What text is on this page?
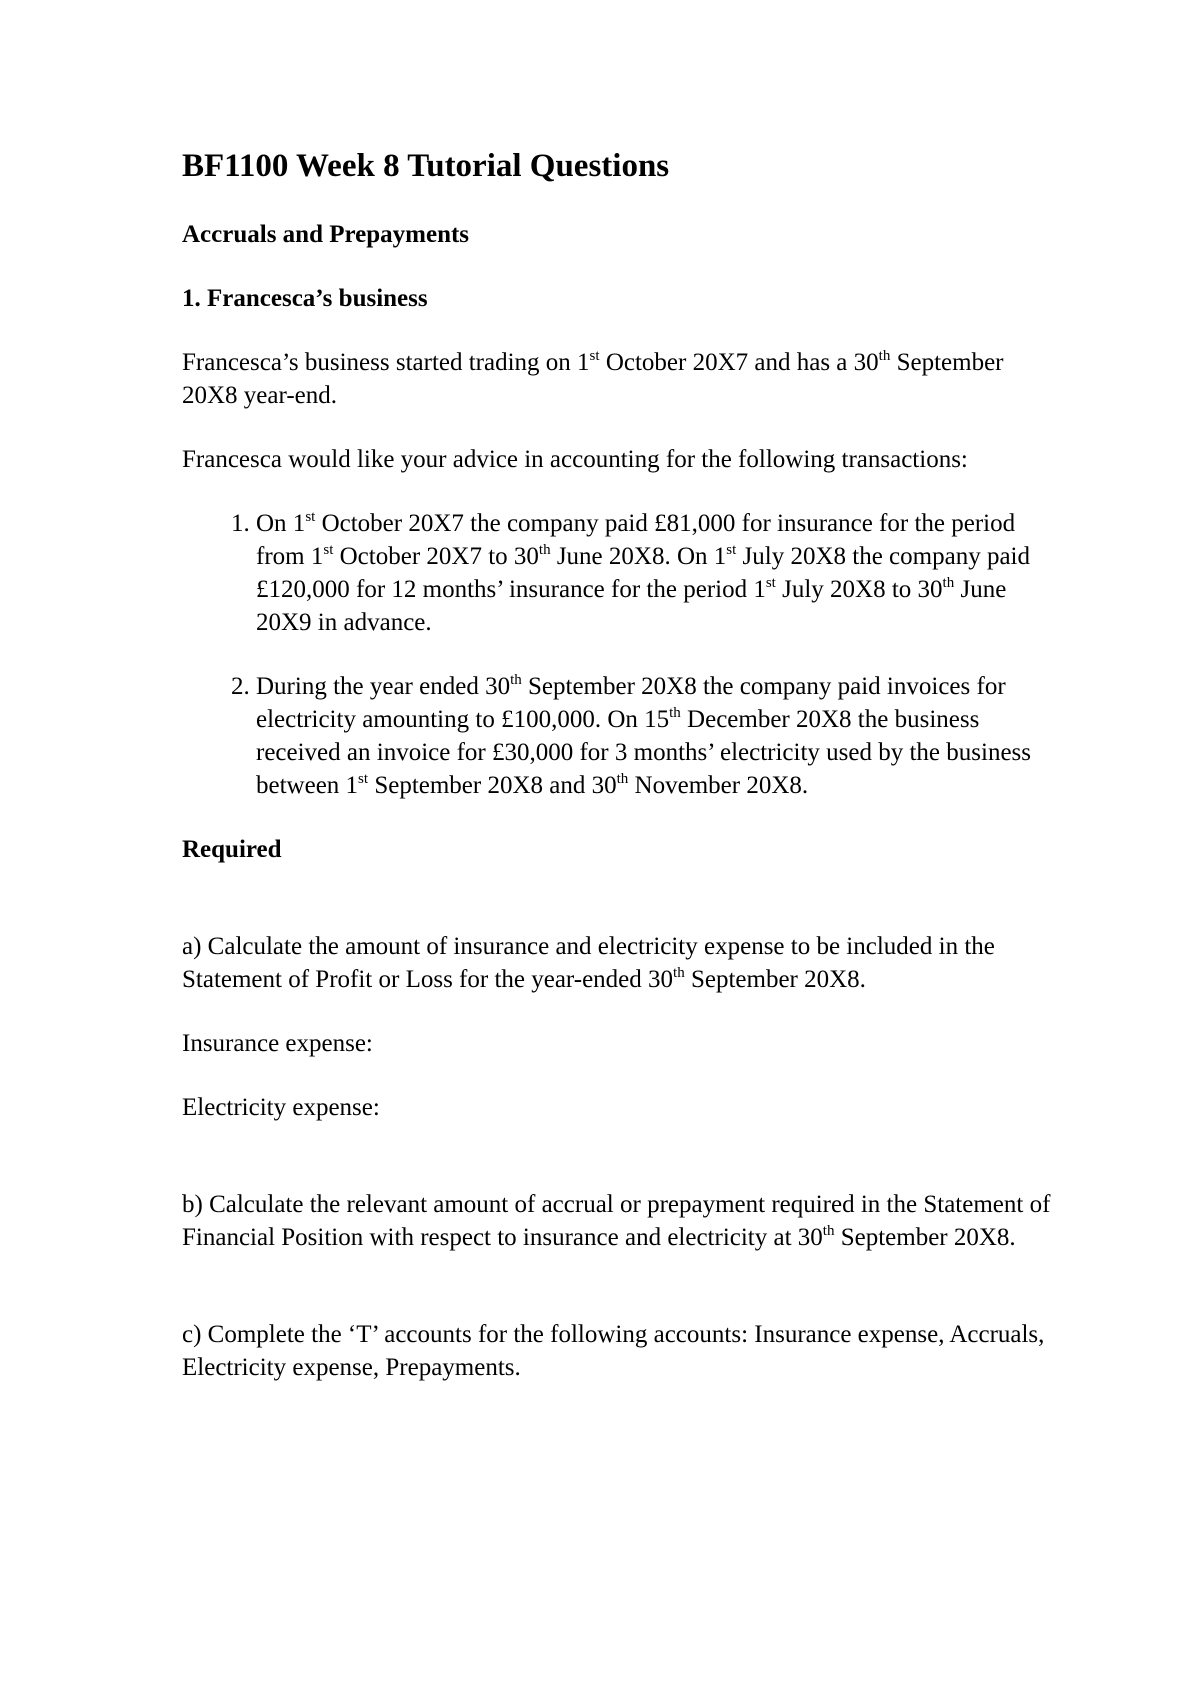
BF1100 Week 8 Tutorial Questions
Accruals and Prepayments
1. Francesca’s business

Francesca’s business started trading on 1st October 20X7 and has a 30th September 20X8 year-end.

Francesca would like your advice in accounting for the following transactions:

1. On 1st October 20X7 the company paid £81,000 for insurance for the period from 1st October 20X7 to 30th June 20X8. On 1st July 20X8 the company paid £120,000 for 12 months’ insurance for the period 1st July 20X8 to 30th June 20X9 in advance.
2. During the year ended 30th September 20X8 the company paid invoices for electricity amounting to £100,000. On 15th December 20X8 the business received an invoice for £30,000 for 3 months’ electricity used by the business between 1st September 20X8 and 30th November 20X8.
Required

a) Calculate the amount of insurance and electricity expense to be included in the Statement of Profit or Loss for the year-ended 30th September 20X8.

Insurance expense:

Electricity expense:

b) Calculate the relevant amount of accrual or prepayment required in the Statement of Financial Position with respect to insurance and electricity at 30th September 20X8.

c) Complete the ‘T’ accounts for the following accounts: Insurance expense, Accruals, Electricity expense, Prepayments.
